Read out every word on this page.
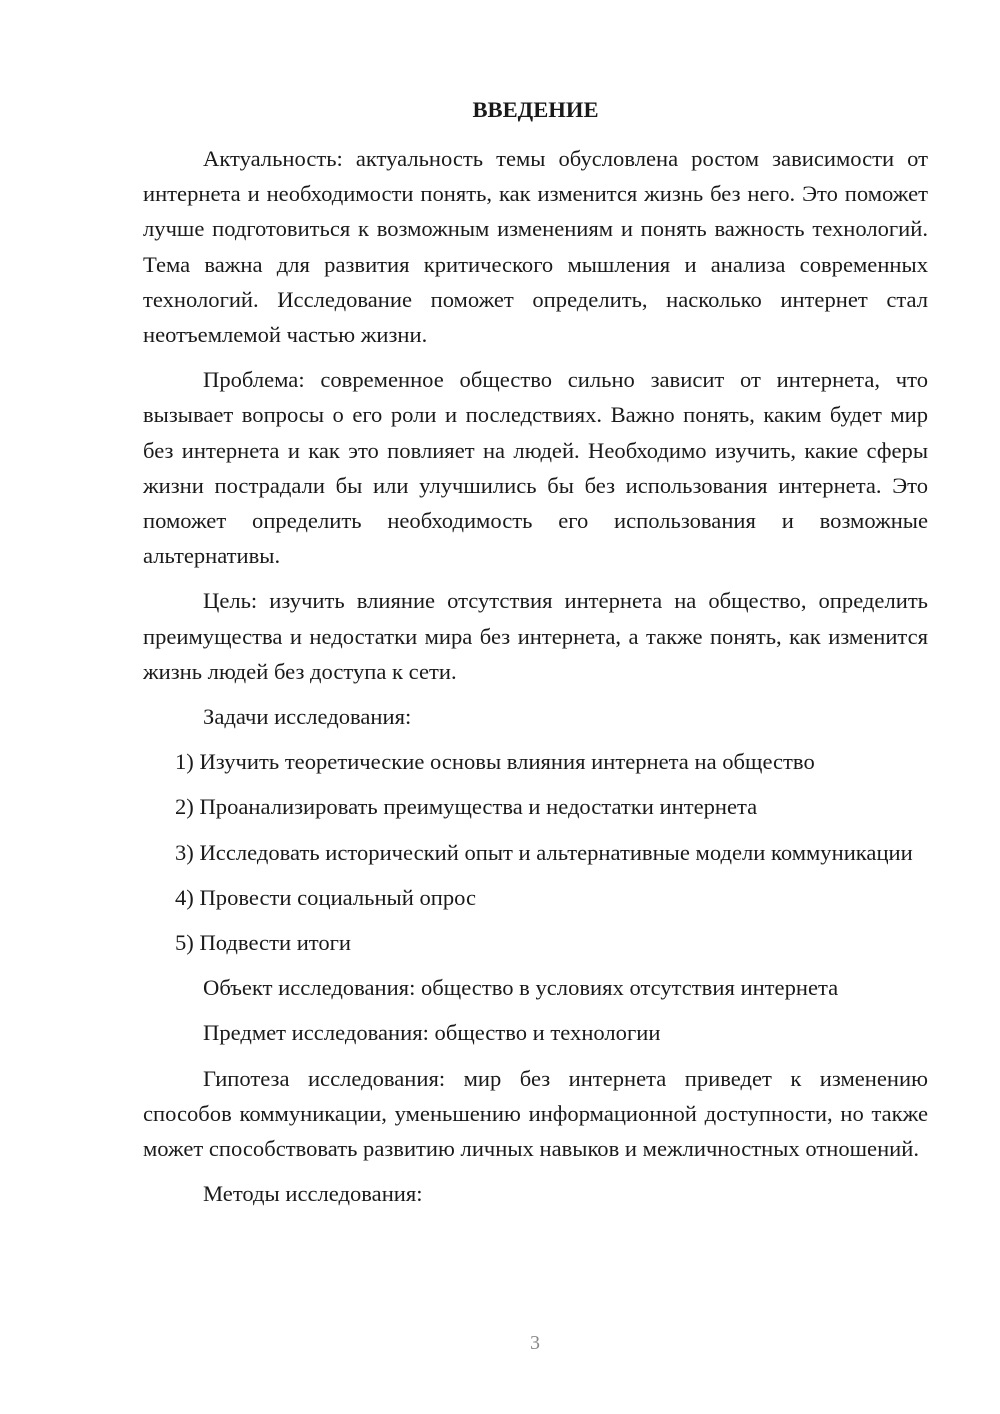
ВВЕДЕНИЕ

Актуальность: актуальность темы обусловлена ростом зависимости от интернета и необходимости понять, как изменится жизнь без него. Это поможет лучше подготовиться к возможным изменениям и понять важность технологий. Тема важна для развития критического мышления и анализа современных технологий. Исследование поможет определить, насколько интернет стал неотъемлемой частью жизни.

Проблема: современное общество сильно зависит от интернета, что вызывает вопросы о его роли и последствиях. Важно понять, каким будет мир без интернета и как это повлияет на людей. Необходимо изучить, какие сферы жизни пострадали бы или улучшились бы без использования интернета. Это поможет определить необходимость его использования и возможные альтернативы.

Цель: изучить влияние отсутствия интернета на общество, определить преимущества и недостатки мира без интернета, а также понять, как изменится жизнь людей без доступа к сети.

Задачи исследования:

1) Изучить теоретические основы влияния интернета на общество

2) Проанализировать преимущества и недостатки интернета

3) Исследовать исторический опыт и альтернативные модели коммуникации

4) Провести социальный опрос

5) Подвести итоги

Объект исследования: общество в условиях отсутствия интернета

Предмет исследования: общество и технологии

Гипотеза исследования: мир без интернета приведет к изменению способов коммуникации, уменьшению информационной доступности, но также может способствовать развитию личных навыков и межличностных отношений.

Методы исследования:

3
